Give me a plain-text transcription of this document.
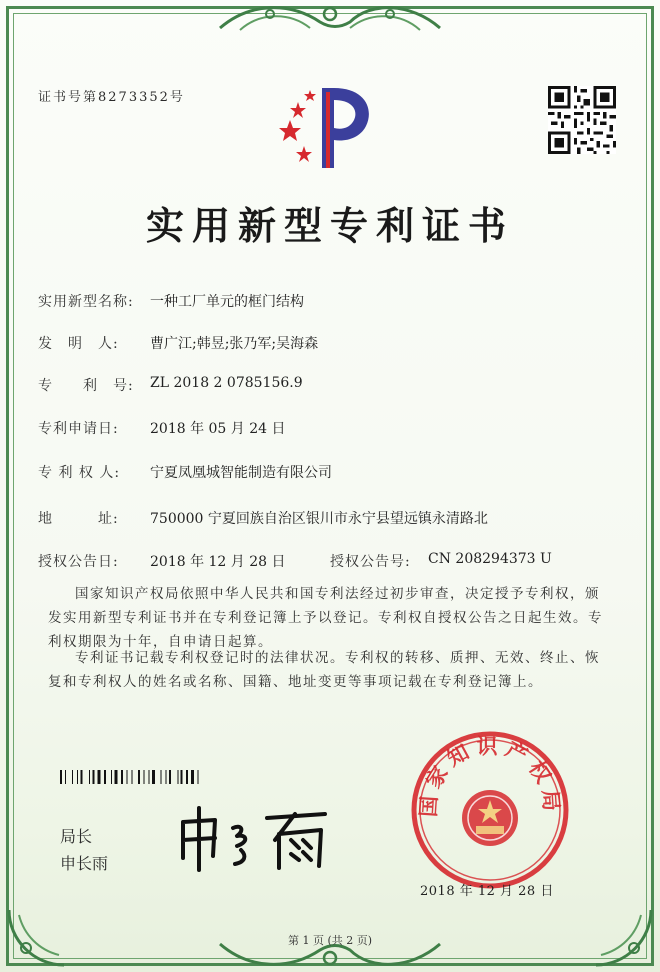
证书号第8273352号
实用新型专利证书
实用新型名称: 一种工厂单元的框门结构
发　明　人: 曹广江;韩昱;张乃军;吴海森
专　　利　号: ZL 2018 2 0785156.9
专利申请日: 2018 年 05 月 24 日
专 利 权 人: 宁夏凤凰城智能制造有限公司
地　　　址: 750000 宁夏回族自治区银川市永宁县望远镇永清路北
授权公告日: 2018 年 12 月 28 日	授权公告号: CN 208294373 U
国家知识产权局依照中华人民共和国专利法经过初步审查，决定授予专利权，颁发实用新型专利证书并在专利登记簿上予以登记。专利权自授权公告之日起生效。专利权期限为十年，自申请日起算。
专利证书记载专利权登记时的法律状况。专利权的转移、质押、无效、终止、恢复和专利权人的姓名或名称、国籍、地址变更等事项记载在专利登记簿上。
局长
申长雨
国家知识产权局
2018 年 12 月 28 日
第 1 页 (共 2 页)
